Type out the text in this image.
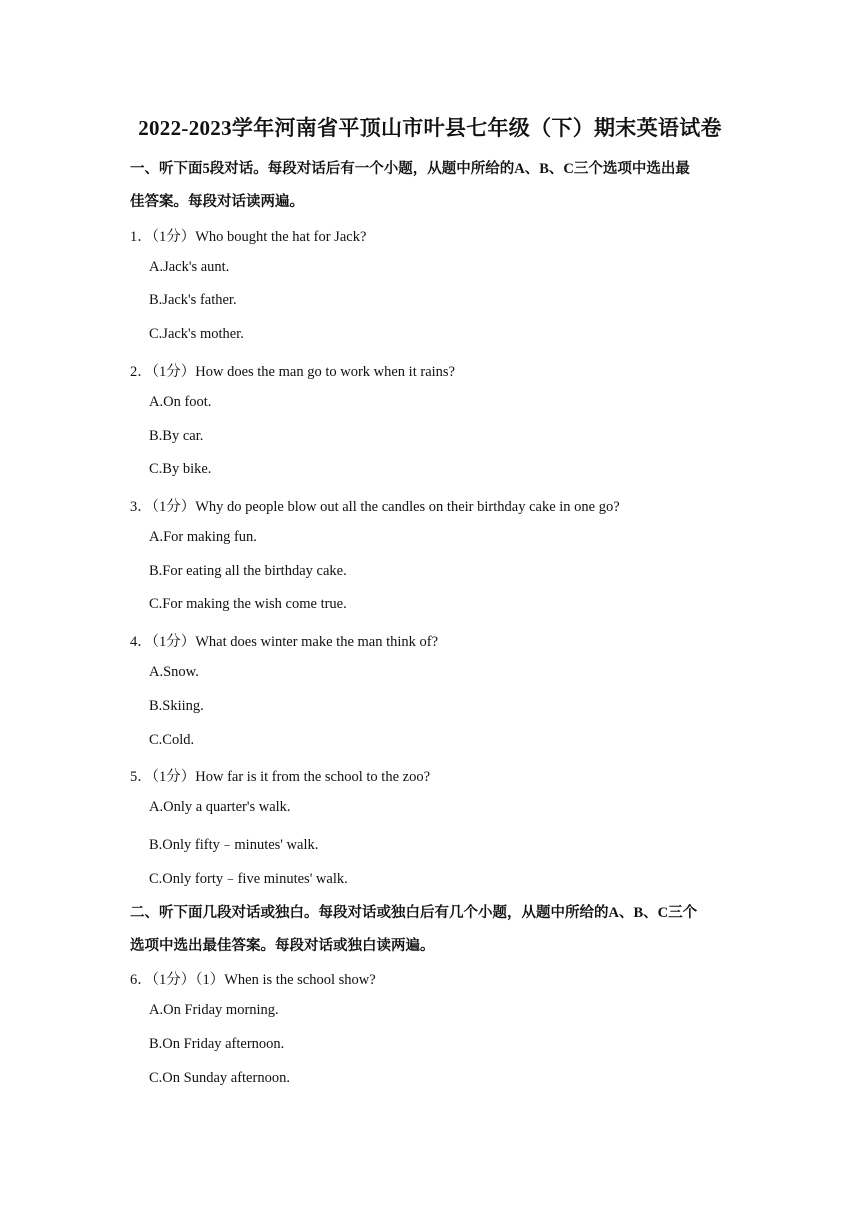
2022-2023学年河南省平顶山市叶县七年级（下）期末英语试卷
一、听下面5段对话。每段对话后有一个小题，从题中所给的A、B、C三个选项中选出最
佳答案。每段对话读两遍。
1．（1分）Who bought the hat for Jack?
A.Jack's aunt.
B.Jack's father.
C.Jack's mother.
2．（1分）How does the man go to work when it rains?
A.On foot.
B.By car.
C.By bike.
3．（1分）Why do people blow out all the candles on their birthday cake in one go?
A.For making fun.
B.For eating all the birthday cake.
C.For making the wish come true.
4．（1分）What does winter make the man think of?
A.Snow.
B.Skiing.
C.Cold.
5．（1分）How far is it from the school to the zoo?
A.Only a quarter's walk.
B.Only fifty﹣minutes' walk.
C.Only forty﹣five minutes' walk.
二、听下面几段对话或独白。每段对话或独白后有几个小题，从题中所给的A、B、C三个
选项中选出最佳答案。每段对话或独白读两遍。
6．（1分）（1）When is the school show?
A.On Friday morning.
B.On Friday afternoon.
C.On Sunday afternoon.
